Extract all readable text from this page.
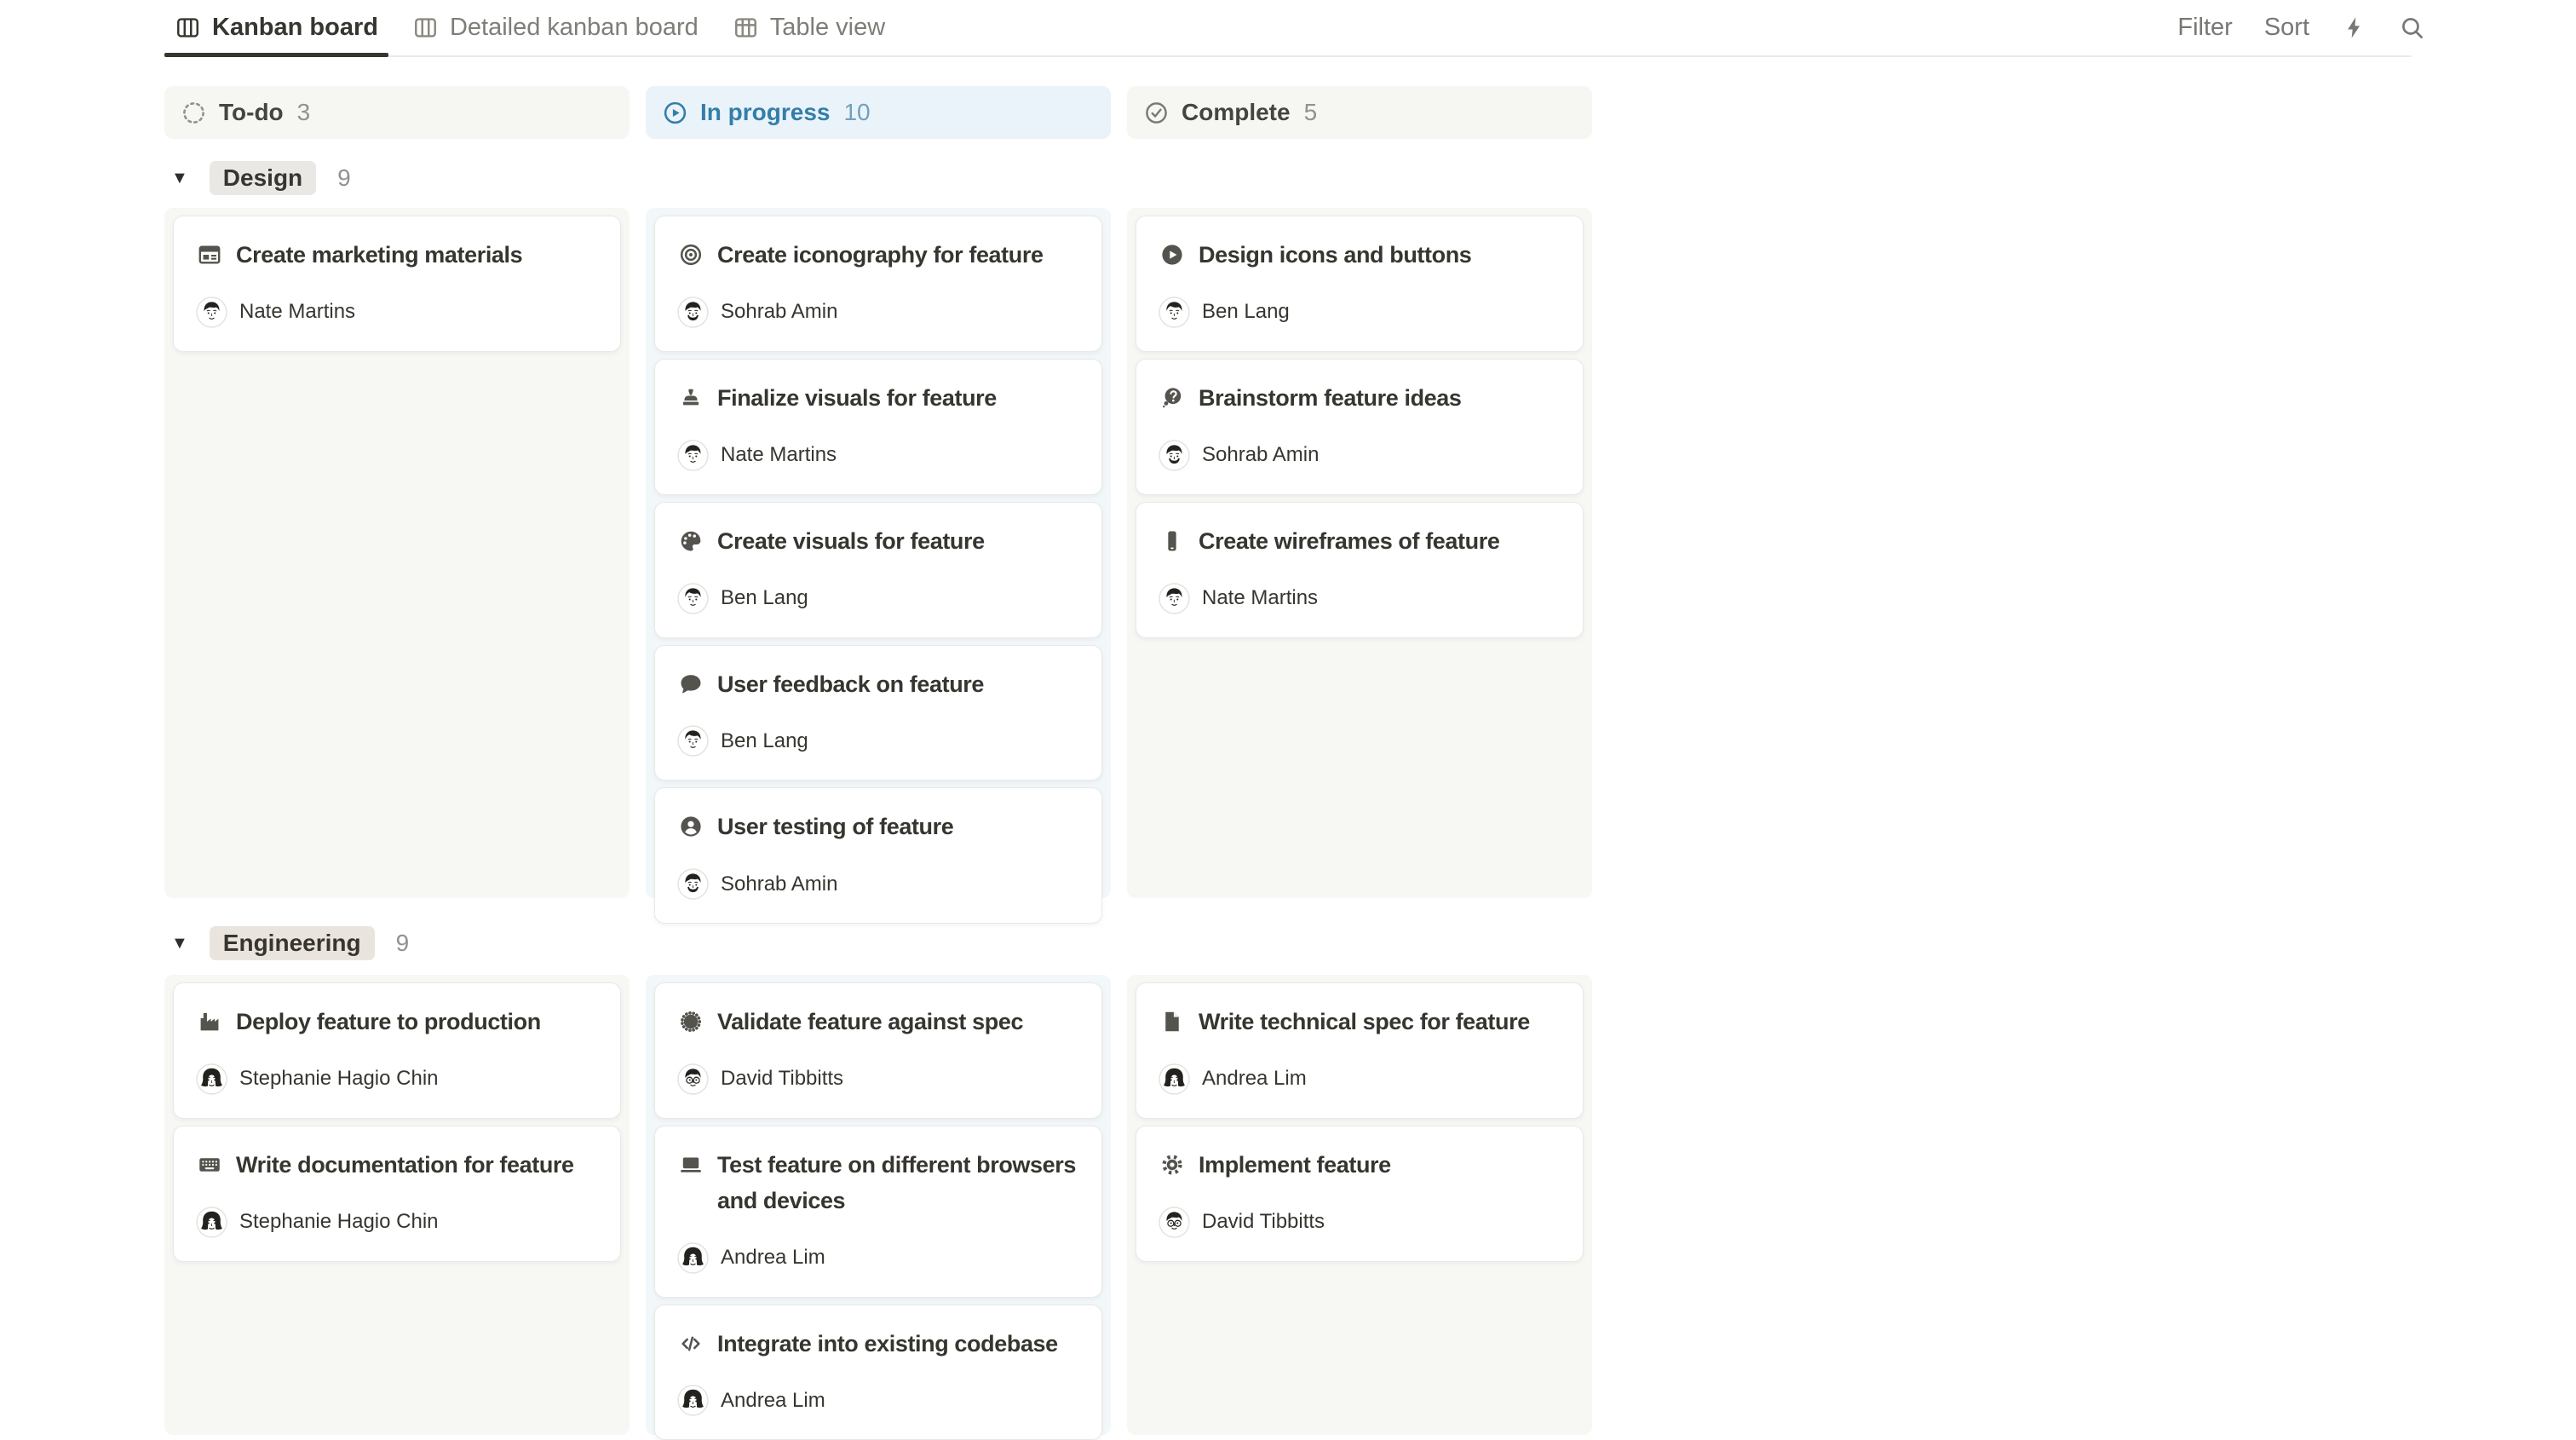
Kanban board	Detailed kanban board	Table view	Filter Sort
To-do 3	In progress 10	Complete 5
▼	Design	9
Create marketing materials
Nate Martins
Create iconography for feature
Sohrab Amin
Finalize visuals for feature
Nate Martins
Create visuals for feature
Ben Lang
User feedback on feature
Ben Lang
User testing of feature
Sohrab Amin
Design icons and buttons
Ben Lang
Brainstorm feature ideas
Sohrab Amin
Create wireframes of feature
Nate Martins
▼	Engineering	9
Deploy feature to production
Stephanie Hagio Chin
Write documentation for feature
Stephanie Hagio Chin
Validate feature against spec
David Tibbitts
Test feature on different browsers and devices
Andrea Lim
Integrate into existing codebase
Andrea Lim
Write technical spec for feature
Andrea Lim
Implement feature
David Tibbitts
